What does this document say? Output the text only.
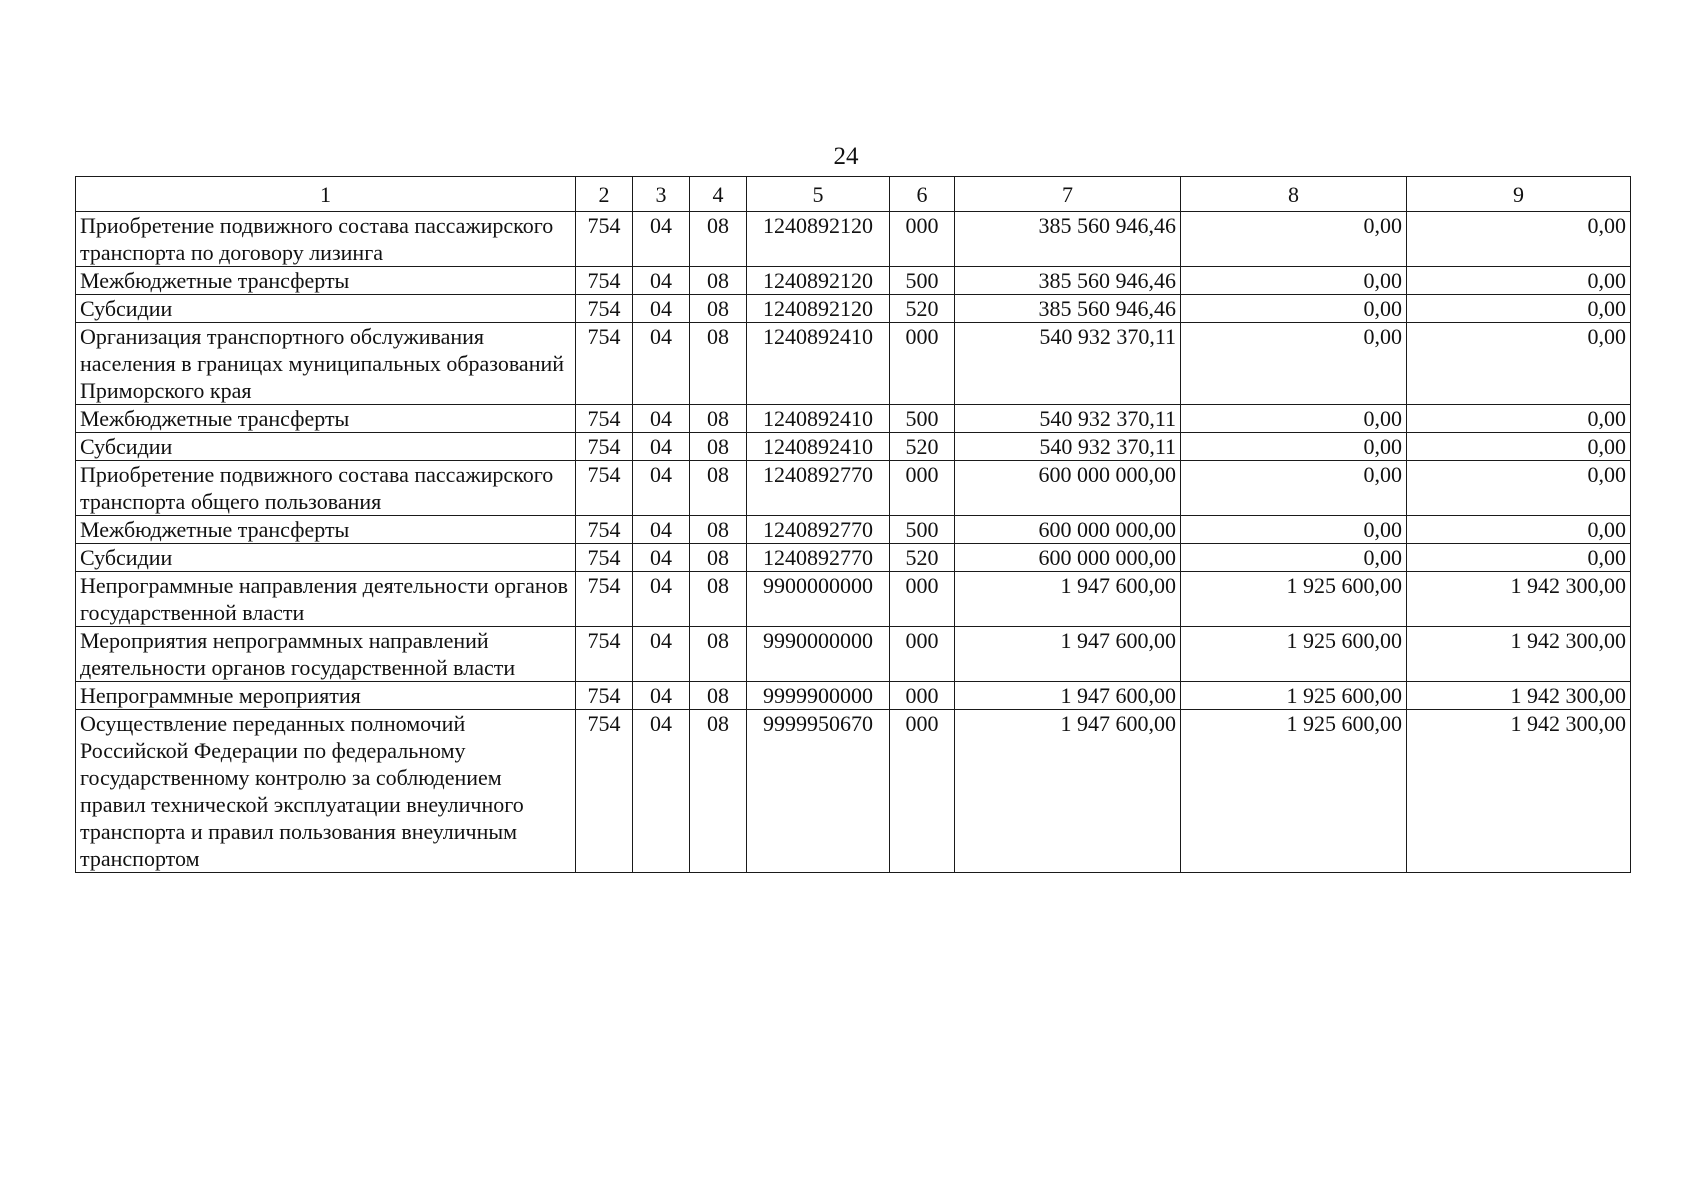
24
1	2	3	4	5	6	7	8	9
Приобретение подвижного состава пассажирского транспорта по договору лизинга	754	04	08	1240892120	000	385 560 946,46	0,00	0,00
Межбюджетные трансферты	754	04	08	1240892120	500	385 560 946,46	0,00	0,00
Субсидии	754	04	08	1240892120	520	385 560 946,46	0,00	0,00
Организация транспортного обслуживания населения в границах муниципальных образований Приморского края	754	04	08	1240892410	000	540 932 370,11	0,00	0,00
Межбюджетные трансферты	754	04	08	1240892410	500	540 932 370,11	0,00	0,00
Субсидии	754	04	08	1240892410	520	540 932 370,11	0,00	0,00
Приобретение подвижного состава пассажирского транспорта общего пользования	754	04	08	1240892770	000	600 000 000,00	0,00	0,00
Межбюджетные трансферты	754	04	08	1240892770	500	600 000 000,00	0,00	0,00
Субсидии	754	04	08	1240892770	520	600 000 000,00	0,00	0,00
Непрограммные направления деятельности органов государственной власти	754	04	08	9900000000	000	1 947 600,00	1 925 600,00	1 942 300,00
Мероприятия непрограммных направлений деятельности органов государственной власти	754	04	08	9990000000	000	1 947 600,00	1 925 600,00	1 942 300,00
Непрограммные мероприятия	754	04	08	9999900000	000	1 947 600,00	1 925 600,00	1 942 300,00
Осуществление переданных полномочий Российской Федерации по федеральному государственному контролю за соблюдением правил технической эксплуатации внеуличного транспорта и правил пользования внеуличным транспортом	754	04	08	9999950670	000	1 947 600,00	1 925 600,00	1 942 300,00
